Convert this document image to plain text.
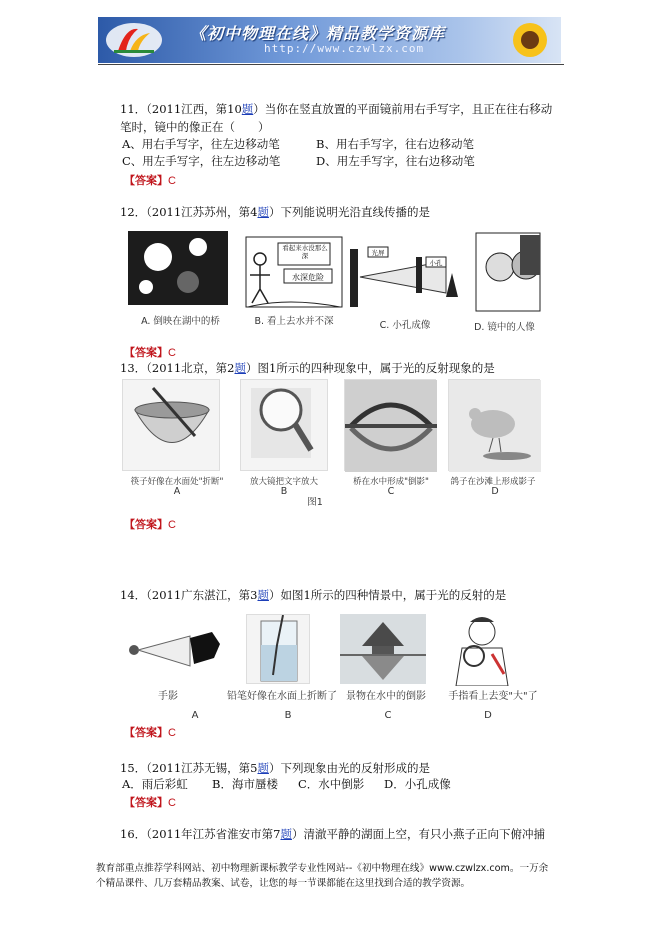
《初中物理在线》精品教学资源库
http://www.czwlzx.com
11．（2011江西，第10题）当你在竖直放置的平面镜前用右手写字，且正在往右移动
笔时，镜中的像正在（　　）
A、用右手写字，往左边移动笔	B、用右手写字，往右边移动笔
C、用左手写字，往左边移动笔	D、用左手写字，往右边移动笔
【答案】C
12．（2011江苏苏州，第4题）下列能说明光沿直线传播的是
A. 倒映在湖中的桥	B. 看上去水并不深	C. 小孔成像	D. 镜中的人像
看起来水没那么深
水深危险
光屏
小孔
【答案】C
13．（2011北京，第2题）图1所示的四种现象中，属于光的反射现象的是
筷子好像在水面处"折断"	放大镜把文字放大	桥在水中形成"倒影"	鸽子在沙滩上形成影子
A	B	C	D
图1
【答案】C
14．（2011广东湛江，第3题）如图1所示的四种情景中，属于光的反射的是
手影	铅笔好像在水面上折断了 景物在水中的倒影	手指看上去变"大"了
A	B	C	D
【答案】C
15．（2011江苏无锡，第5题）下列现象由光的反射形成的是
A．雨后彩虹 B．海市蜃楼 C．水中倒影 D．小孔成像
【答案】C
16．（2011年江苏省淮安市第7题）清澈平静的湖面上空，有只小燕子正向下俯冲捕
教育部重点推荐学科网站、初中物理新课标教学专业性网站--《初中物理在线》www.czwlzx.com。一万余
个精品课件、几万套精品教案、试卷，让您的每一节课都能在这里找到合适的教学资源。
